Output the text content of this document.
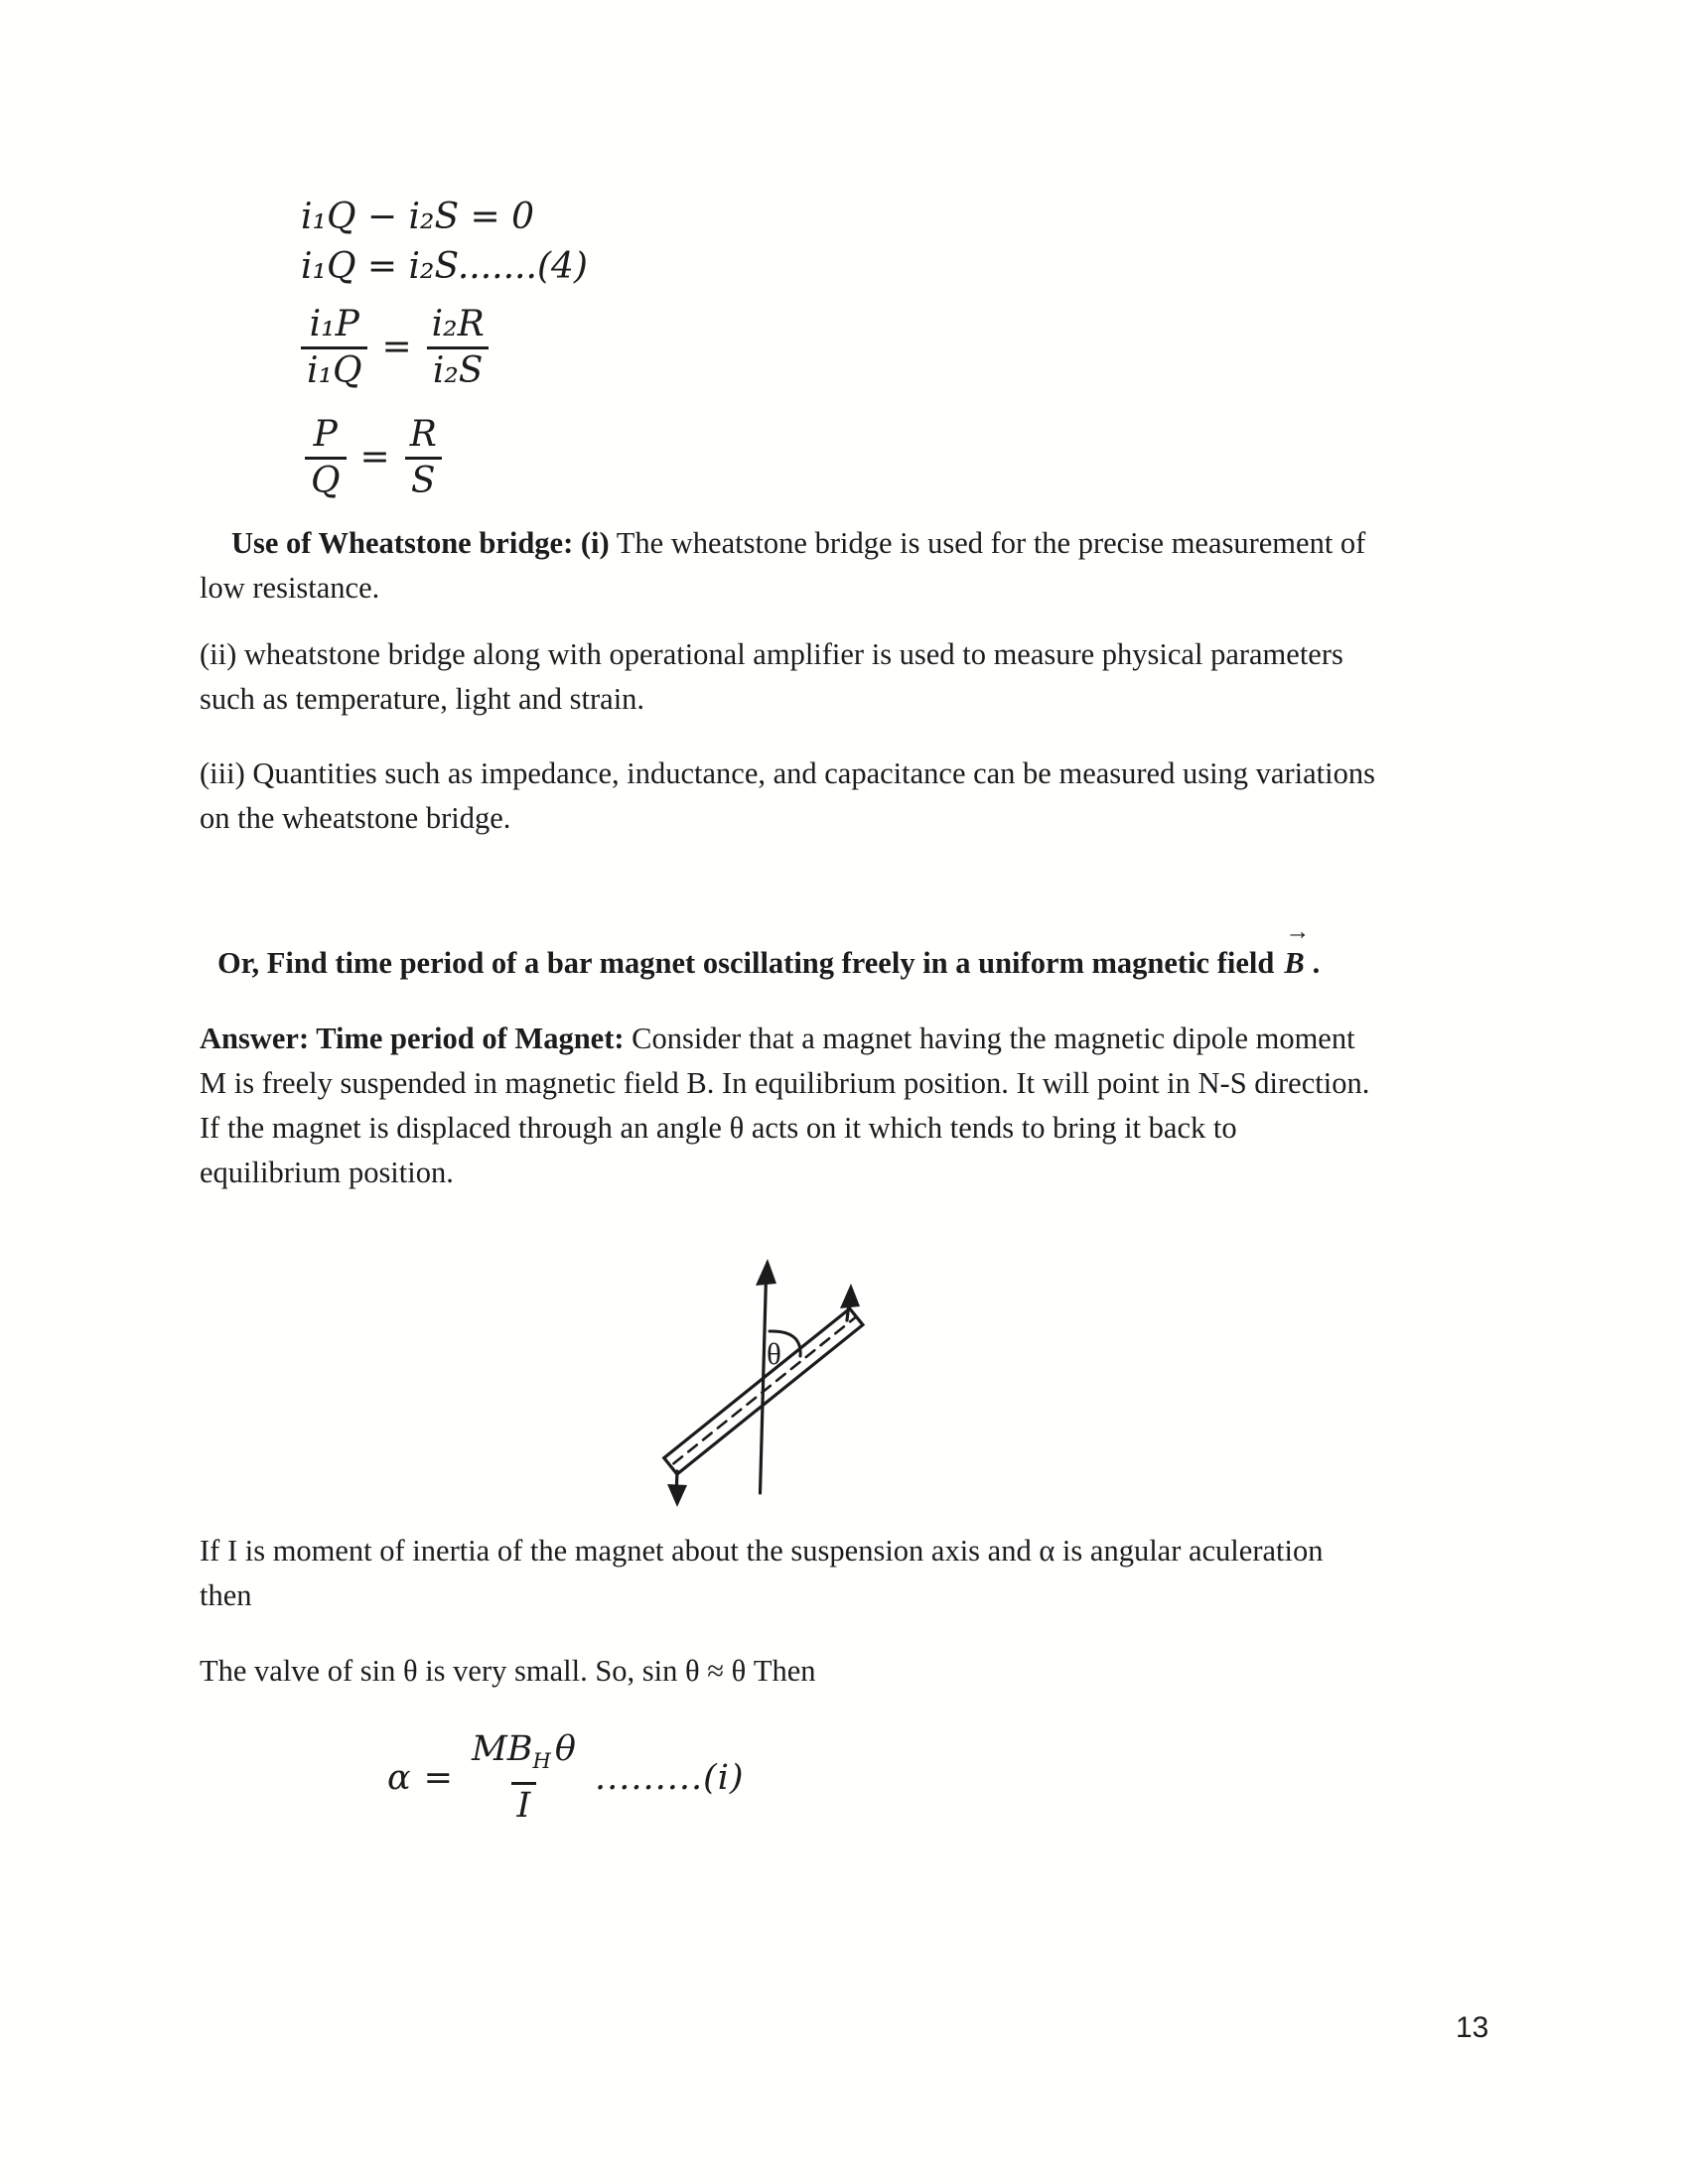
i₁Q − i₂S = 0
i₁Q = i₂S.......(4)
$\frac{\text{i₁P}}{\text{i₁Q}} = \frac{\text{i₂R}}{\text{i₂S}}$
$\frac{P}{Q} = \frac{R}{S}$

Use of Wheatstone bridge: (i) The wheatstone bridge is used for the precise measurement of
low resistance.

(ii) wheatstone bridge along with operational amplifier is used to measure physical parameters
such as temperature, light and strain.

(iii) Quantities such as impedance, inductance, and capacitance can be measured using variations
on the wheatstone bridge.

Or, Find time period of a bar magnet oscillating freely in a uniform magnetic field
→
B .

Answer: Time period of Magnet: Consider that a magnet having the magnetic dipole moment
M is freely suspended in magnetic field B. In equilibrium position. It will point in N-S direction.
If the magnet is displaced through an angle θ acts on it which tends to bring it back to
equilibrium position.

θ

If I is moment of inertia of the magnet about the suspension axis and α is angular aculeration
then

The valve of sin θ is very small. So, sin θ ≈ θ Then

$\alpha = \frac{MB_H \theta}{I} .........(i)$
13
